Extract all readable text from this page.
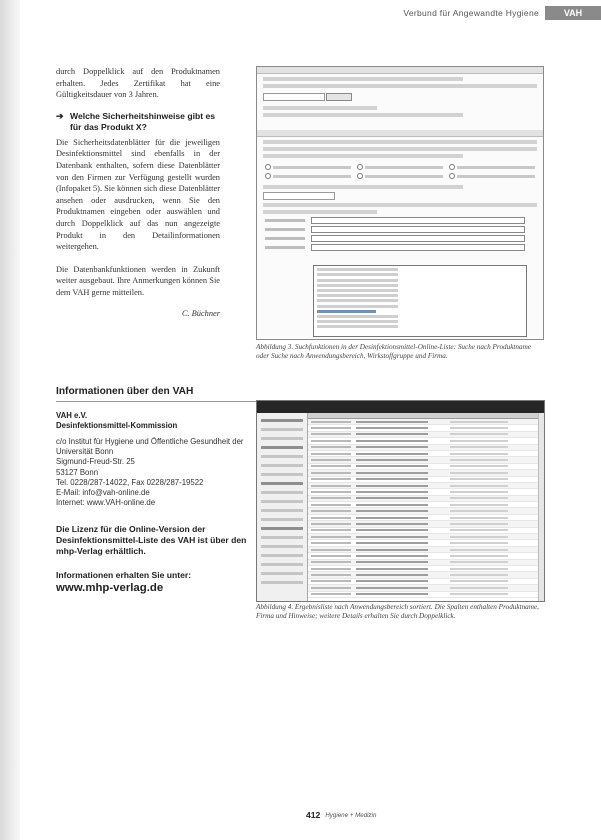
Verbund für Angewandte Hygiene	VAH

durch Doppelklick auf den Produktnamen erhalten. Jedes Zertifikat hat eine Gültigkeitsdauer von 3 Jahren.

➔ Welche Sicherheitshinweise gibt es für das Produkt X?

Die Sicherheitsdatenblätter für die jeweiligen Desinfektionsmittel sind ebenfalls in der Datenbank enthalten, sofern diese Datenblätter von den Firmen zur Verfügung gestellt wurden (Infopaket 5). Sie können sich diese Datenblätter ansehen oder ausdrucken, wenn Sie den Produktnamen eingeben oder auswählen und durch Doppelklick auf das nun angezeigte Produkt in den Detailinformationen weitergehen.

Die Datenbankfunktionen werden in Zukunft weiter ausgebaut. Ihre Anmerkungen können Sie dem VAH gerne mitteilen.

C. Büchner
Informationen über den VAH
VAH e.V.
Desinfektionsmittel-Kommission
c/o Institut für Hygiene und Öffentliche Gesundheit der Universität Bonn
Sigmund-Freud-Str. 25
53127 Bonn
Tel. 0228/287-14022, Fax 0228/287-19522
E-Mail: info@vah-online.de
Internet: www.VAH-online.de
Die Lizenz für die Online-Version der Desinfektionsmittel-Liste des VAH ist über den mhp-Verlag erhältlich.
Informationen erhalten Sie unter:
www.mhp-verlag.de

Abbildung 3. Suchfunktionen in der Desinfektionsmittel-Online-Liste: Suche nach Produktname oder Suche nach Anwendungsbereich, Wirkstoffgruppe und Firma.

Abbildung 4. Ergebnisliste nach Anwendungsbereich sortiert. Die Spalten enthalten Produktname, Firma und Hinweise; weitere Details erhalten Sie durch Doppelklick.

412 Hygiene + Medizin
